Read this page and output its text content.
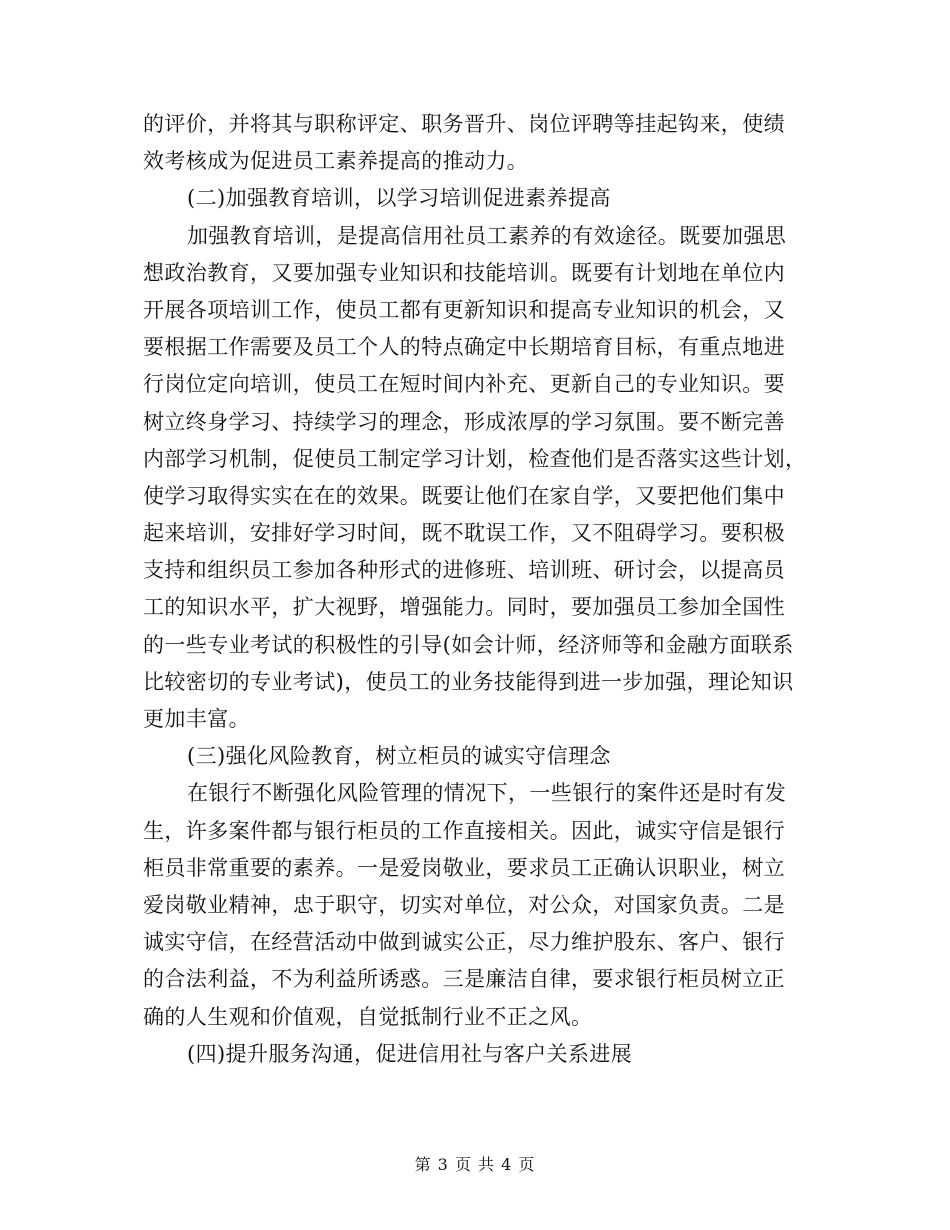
的评价，并将其与职称评定、职务晋升、岗位评聘等挂起钩来，使绩
效考核成为促进员工素养提高的推动力。
(二)加强教育培训，以学习培训促进素养提高
加强教育培训，是提高信用社员工素养的有效途径。既要加强思
想政治教育，又要加强专业知识和技能培训。既要有计划地在单位内
开展各项培训工作，使员工都有更新知识和提高专业知识的机会，又
要根据工作需要及员工个人的特点确定中长期培育目标，有重点地进
行岗位定向培训，使员工在短时间内补充、更新自己的专业知识。要
树立终身学习、持续学习的理念，形成浓厚的学习氛围。要不断完善
内部学习机制，促使员工制定学习计划，检查他们是否落实这些计划，
使学习取得实实在在的效果。既要让他们在家自学，又要把他们集中
起来培训，安排好学习时间，既不耽误工作，又不阻碍学习。要积极
支持和组织员工参加各种形式的进修班、培训班、研讨会，以提高员
工的知识水平，扩大视野，增强能力。同时，要加强员工参加全国性
的一些专业考试的积极性的引导(如会计师，经济师等和金融方面联系
比较密切的专业考试)，使员工的业务技能得到进一步加强，理论知识
更加丰富。
(三)强化风险教育，树立柜员的诚实守信理念
在银行不断强化风险管理的情况下，一些银行的案件还是时有发
生，许多案件都与银行柜员的工作直接相关。因此，诚实守信是银行
柜员非常重要的素养。一是爱岗敬业，要求员工正确认识职业，树立
爱岗敬业精神，忠于职守，切实对单位，对公众，对国家负责。二是
诚实守信，在经营活动中做到诚实公正，尽力维护股东、客户、银行
的合法利益，不为利益所诱惑。三是廉洁自律，要求银行柜员树立正
确的人生观和价值观，自觉抵制行业不正之风。
(四)提升服务沟通，促进信用社与客户关系进展
第 3 页 共 4 页
